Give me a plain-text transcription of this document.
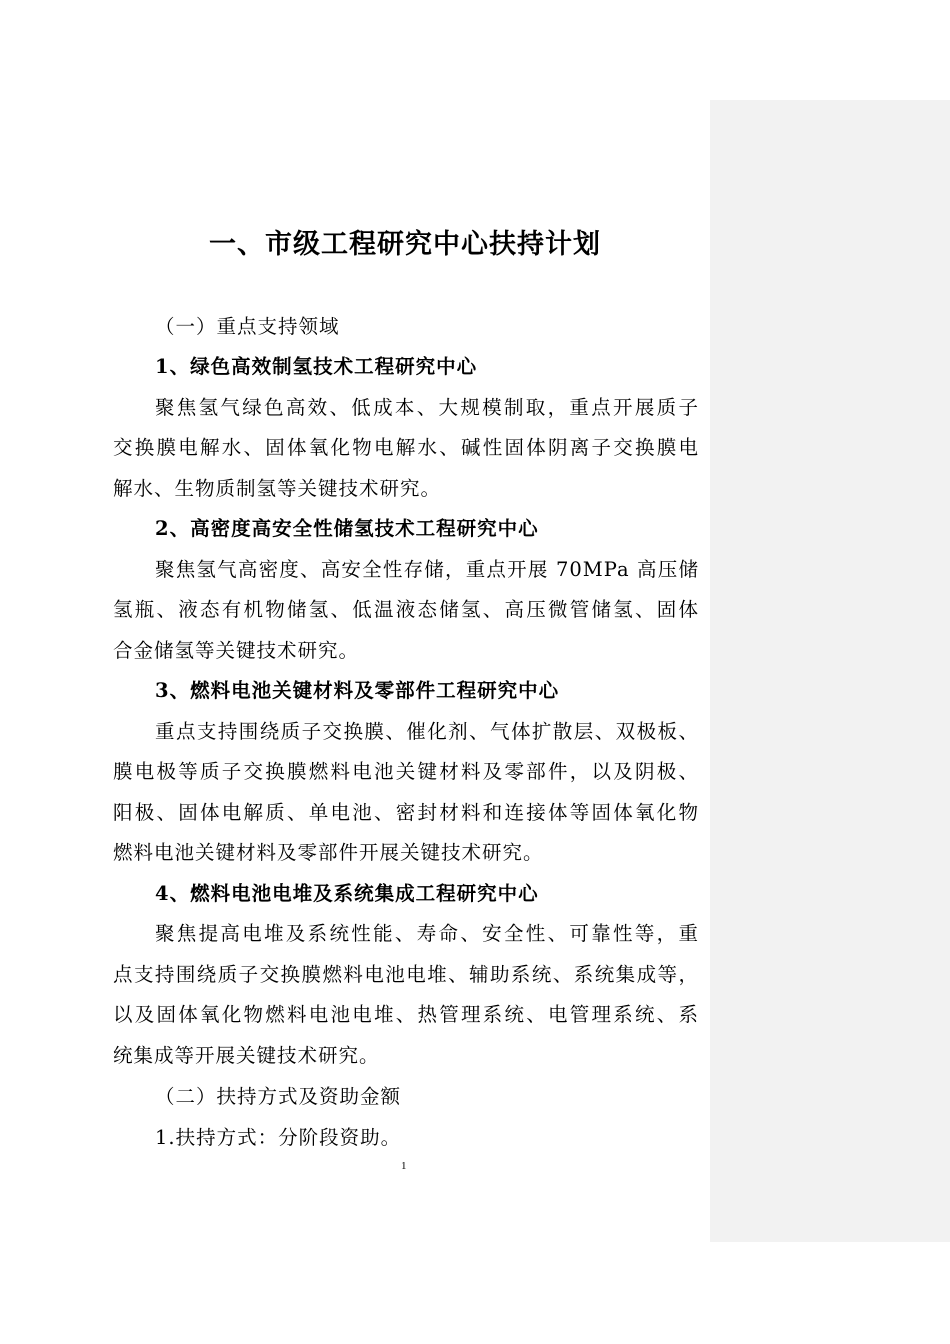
一、市级工程研究中心扶持计划
（一）重点支持领域
1、绿色高效制氢技术工程研究中心
聚焦氢气绿色高效、低成本、大规模制取，重点开展质子
交换膜电解水、固体氧化物电解水、碱性固体阴离子交换膜电
解水、生物质制氢等关键技术研究。
2、高密度高安全性储氢技术工程研究中心
聚焦氢气高密度、高安全性存储，重点开展 70MPa 高压储
氢瓶、液态有机物储氢、低温液态储氢、高压微管储氢、固体
合金储氢等关键技术研究。
3、燃料电池关键材料及零部件工程研究中心
重点支持围绕质子交换膜、催化剂、气体扩散层、双极板、
膜电极等质子交换膜燃料电池关键材料及零部件，以及阴极、
阳极、固体电解质、单电池、密封材料和连接体等固体氧化物
燃料电池关键材料及零部件开展关键技术研究。
4、燃料电池电堆及系统集成工程研究中心
聚焦提高电堆及系统性能、寿命、安全性、可靠性等，重
点支持围绕质子交换膜燃料电池电堆、辅助系统、系统集成等，
以及固体氧化物燃料电池电堆、热管理系统、电管理系统、系
统集成等开展关键技术研究。
（二）扶持方式及资助金额
1.扶持方式：分阶段资助。
1
